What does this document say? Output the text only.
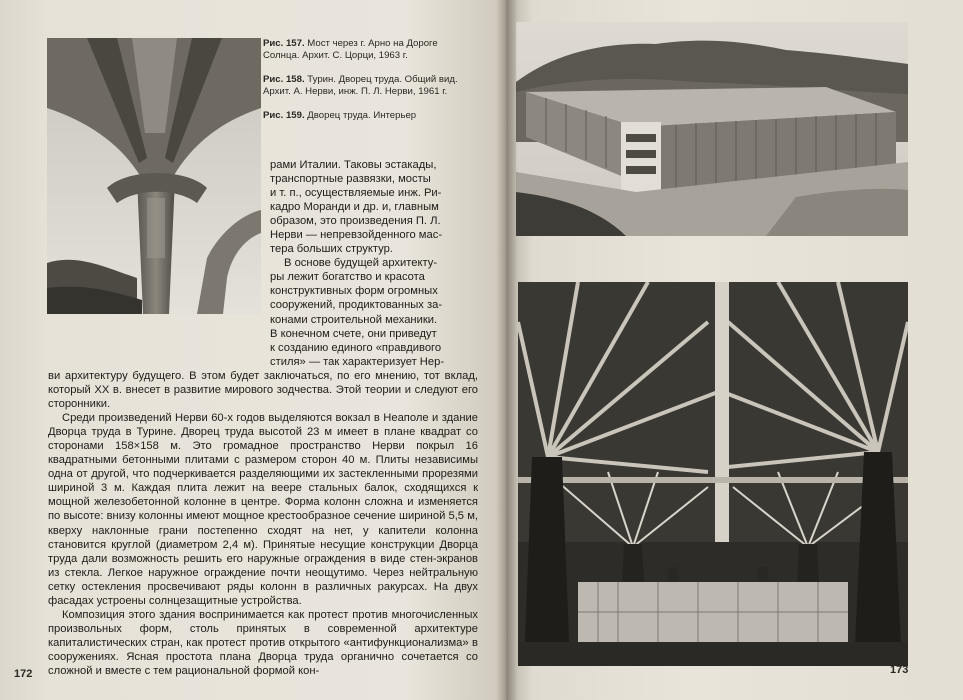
Рис. 157. Мост через г. Арно на Дороге Солнца. Архит. С. Цорци, 1963 г.

Рис. 158. Турин. Дворец труда. Общий вид. Архит. А. Нерви, инж. П. Л. Нерви, 1961 г.

Рис. 159. Дворец труда. Интерьер

рами Италии. Таковы эстакады,
транспортные развязки, мосты
и т. п., осуществляемые инж. Ри-
кадро Моранди и др. и, главным
образом, это произведения П. Л.
Нерви — непревзойденного мас-
тера больших структур.
В основе будущей архитекту-
ры лежит богатство и красота
конструктивных форм огромных
сооружений, продиктованных за-
конами строительной механики.
В конечном счете, они приведут
к созданию единого «правдивого
стиля» — так характеризует Нер-

ви архитектуру будущего. В этом будет заключаться, по его мнению, тот вклад, который XX в. внесет в развитие мирового зодчества. Этой теории и следуют его сторонники.

Среди произведений Нерви 60-х годов выделяются вокзал в Неаполе и здание Дворца труда в Турине. Дворец труда высотой 23 м имеет в плане квадрат со сторонами 158×158 м. Это громадное пространство Нерви покрыл 16 квадратными бетонными плитами с размером сторон 40 м. Плиты независимы одна от другой, что подчеркивается разделяющими их застекленными прорезями шириной 3 м. Каждая плита лежит на веере стальных балок, сходящихся к мощной железобетонной колонне в центре. Форма колонн сложна и изменяется по высоте: внизу колонны имеют мощное крестообразное сечение шириной 5,5 м, кверху наклонные грани постепенно сходят на нет, у капители колонна становится круглой (диаметром 2,4 м). Принятые несущие конструкции Дворца труда дали возможность решить его наружные ограждения в виде стен-экранов из стекла. Легкое наружное ограждение почти неощутимо. Через нейтральную сетку остекления просвечивают ряды колонн в различных ракурсах. На двух фасадах устроены солнцезащитные устройства.

Композиция этого здания воспринимается как протест против многочисленных произвольных форм, столь принятых в современной архитектуре капиталистических стран, как протест против открытого «антифункционализма» в сооружениях. Ясная простота плана Дворца труда органично сочетается со сложной и вместе с тем рациональной формой кон-

172	173
